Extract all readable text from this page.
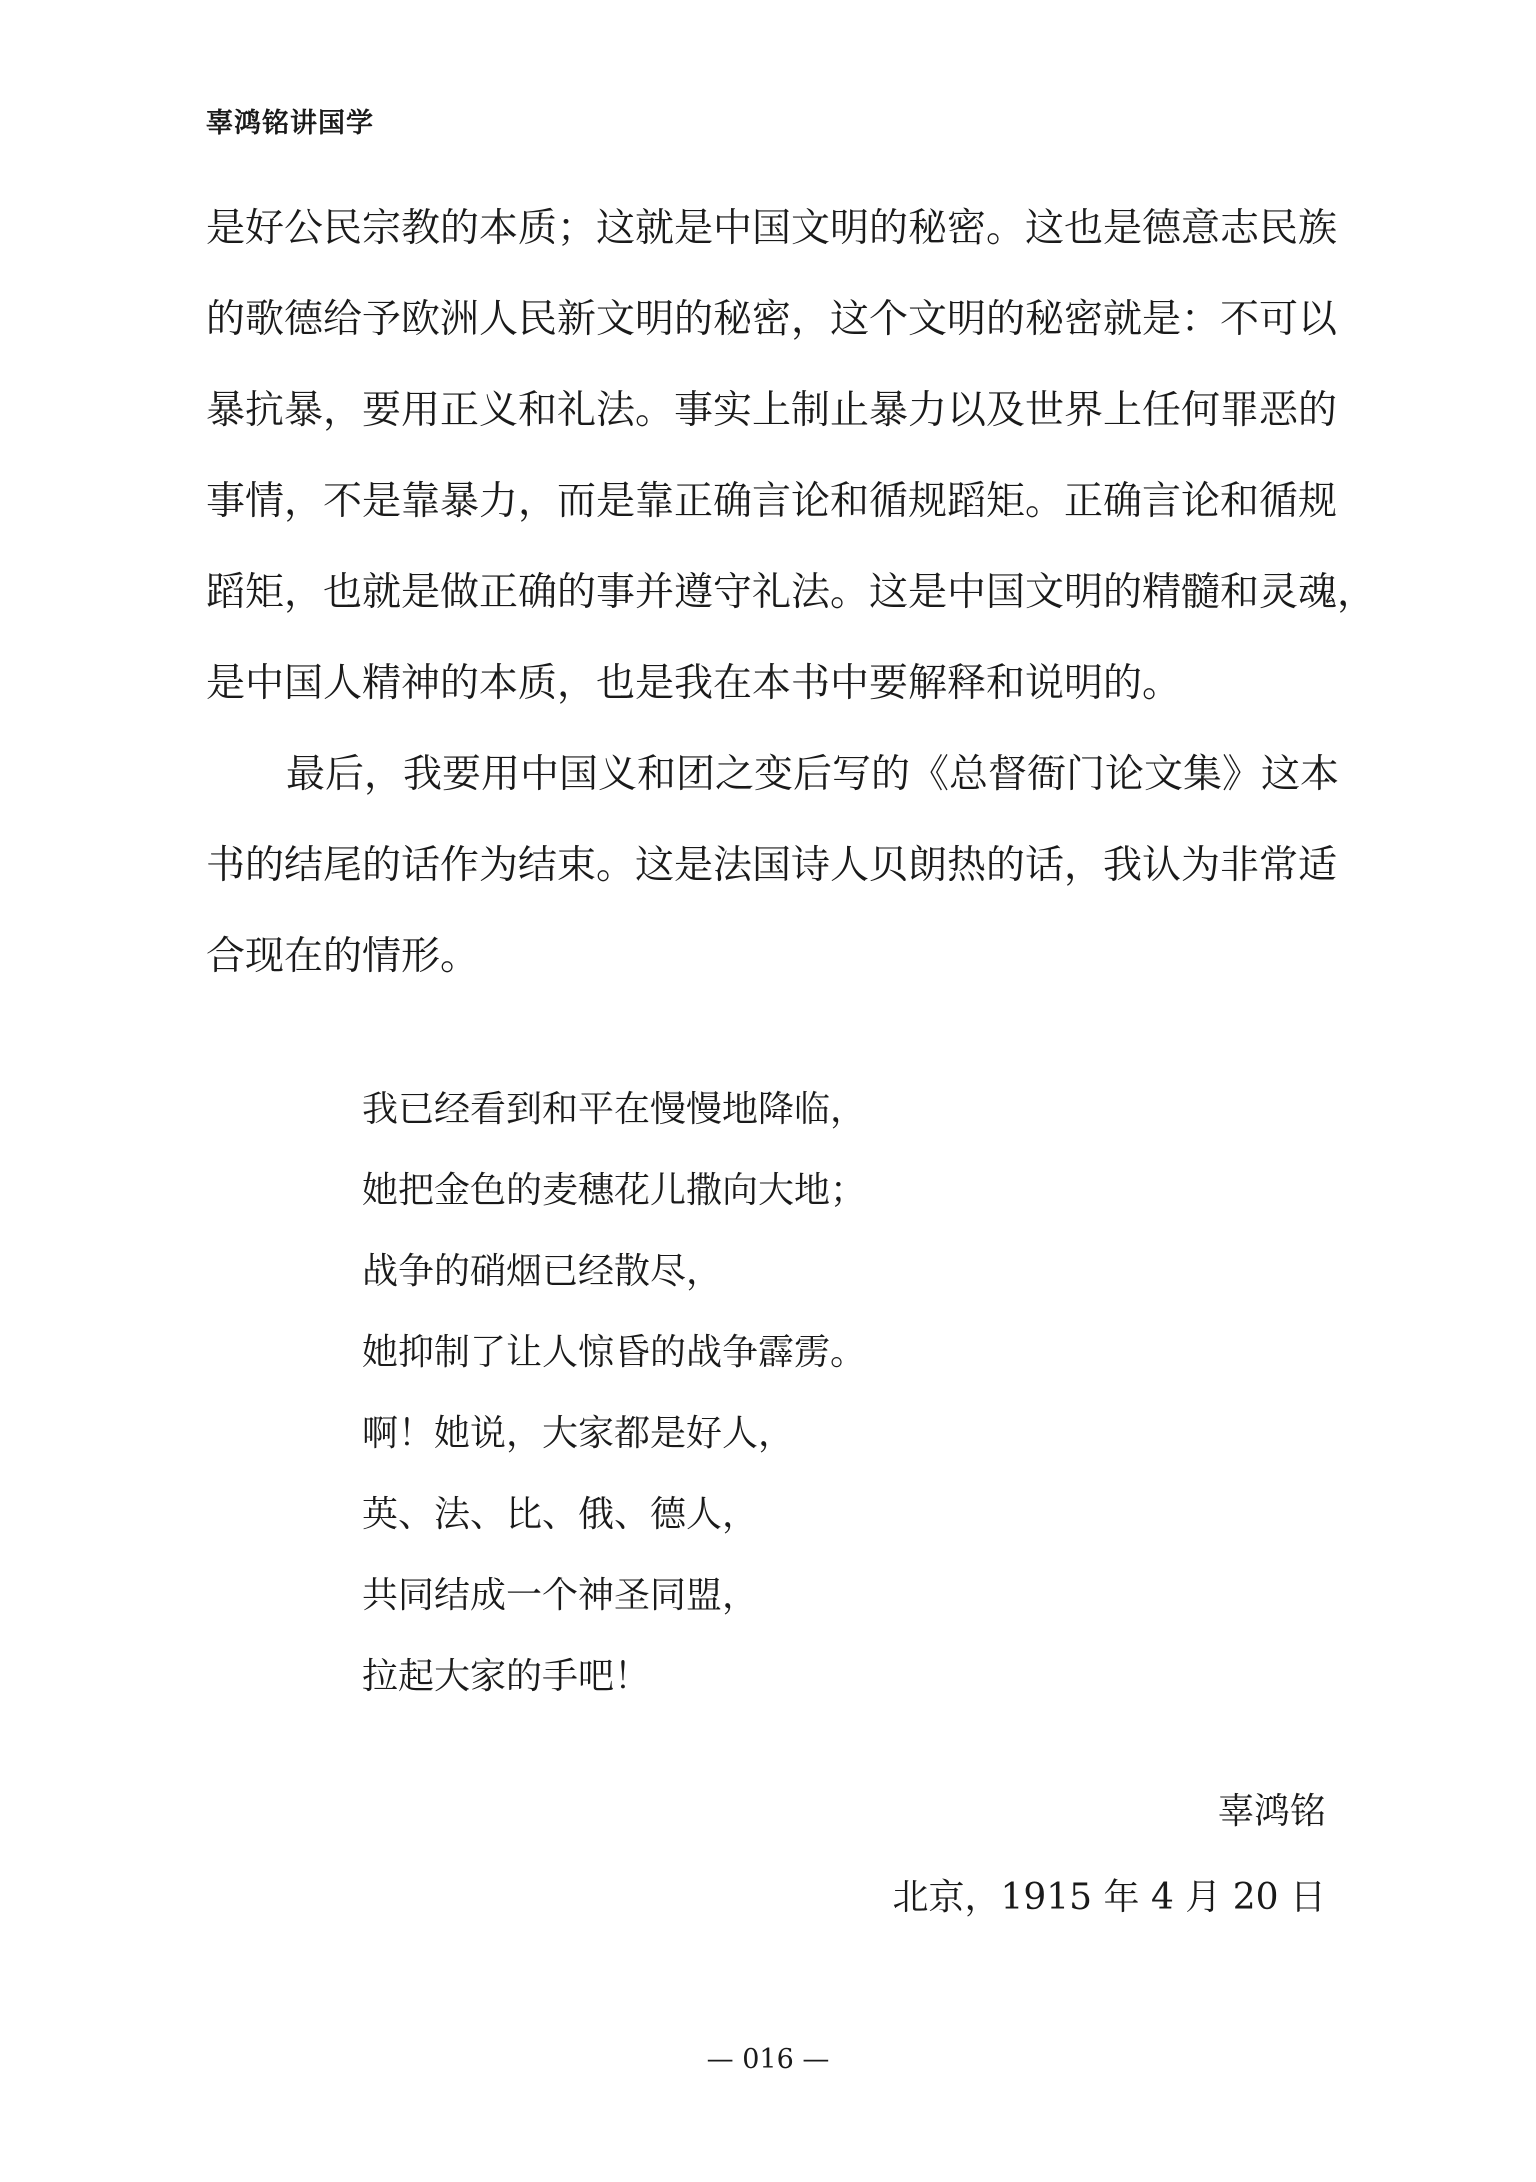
辜鸿铭讲国学
是好公民宗教的本质；这就是中国文明的秘密。这也是德意志民族
的歌德给予欧洲人民新文明的秘密，这个文明的秘密就是：不可以
暴抗暴，要用正义和礼法。事实上制止暴力以及世界上任何罪恶的
事情，不是靠暴力，而是靠正确言论和循规蹈矩。正确言论和循规
蹈矩，也就是做正确的事并遵守礼法。这是中国文明的精髓和灵魂，
是中国人精神的本质，也是我在本书中要解释和说明的。
最后，我要用中国义和团之变后写的《总督衙门论文集》这本
书的结尾的话作为结束。这是法国诗人贝朗热的话，我认为非常适
合现在的情形。
我已经看到和平在慢慢地降临，
她把金色的麦穗花儿撒向大地；
战争的硝烟已经散尽，
她抑制了让人惊昏的战争霹雳。
啊！她说，大家都是好人，
英、法、比、俄、德人，
共同结成一个神圣同盟，
拉起大家的手吧！
辜鸿铭
北京，1915 年 4 月 20 日
— 016 —
